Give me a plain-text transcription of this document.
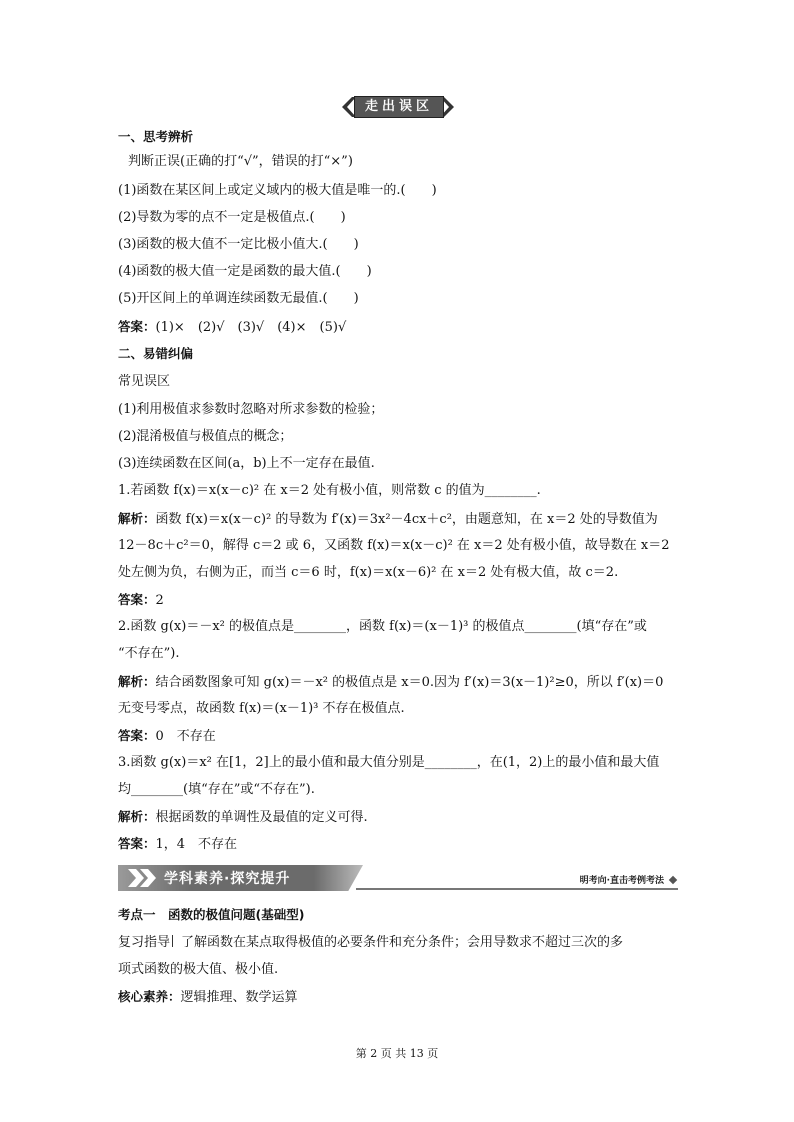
走出误区
一、思考辨析
判断正误(正确的打“√”，错误的打“×”)
(1)函数在某区间上或定义域内的极大值是唯一的.(　　)
(2)导数为零的点不一定是极值点.(　　)
(3)函数的极大值不一定比极小值大.(　　)
(4)函数的极大值一定是函数的最大值.(　　)
(5)开区间上的单调连续函数无最值.(　　)
答案：(1)×　(2)√　(3)√　(4)×　(5)√
二、易错纠偏
常见误区
(1)利用极值求参数时忽略对所求参数的检验；
(2)混淆极值与极值点的概念；
(3)连续函数在区间(a，b)上不一定存在最值.
1.若函数 f(x)＝x(x－c)² 在 x＝2 处有极小值，则常数 c 的值为________.
解析：函数 f(x)＝x(x－c)² 的导数为 f′(x)＝3x²－4cx＋c²，由题意知，在 x＝2 处的导数值为
12－8c＋c²＝0，解得 c＝2 或 6，又函数 f(x)＝x(x－c)² 在 x＝2 处有极小值，故导数在 x＝2
处左侧为负，右侧为正，而当 c＝6 时，f(x)＝x(x－6)² 在 x＝2 处有极大值，故 c＝2.
答案：2
2.函数 g(x)＝－x² 的极值点是________，函数 f(x)＝(x－1)³ 的极值点________(填“存在”或
“不存在”).
解析：结合函数图象可知 g(x)＝－x² 的极值点是 x＝0.因为 f′(x)＝3(x－1)²≥0，所以 f′(x)＝0
无变号零点，故函数 f(x)＝(x－1)³ 不存在极值点.
答案：0　不存在
3.函数 g(x)＝x² 在[1，2]上的最小值和最大值分别是________，在(1，2)上的最小值和最大值
均________(填“存在”或“不存在”).
解析：根据函数的单调性及最值的定义可得.
答案：1，4　不存在
学科素养·探究提升	明考向·直击考例考法
考点一　函数的极值问题(基础型)
复习指导 了解函数在某点取得极值的必要条件和充分条件；会用导数求不超过三次的多
项式函数的极大值、极小值.
核心素养：逻辑推理、数学运算
第 2 页 共 13 页
